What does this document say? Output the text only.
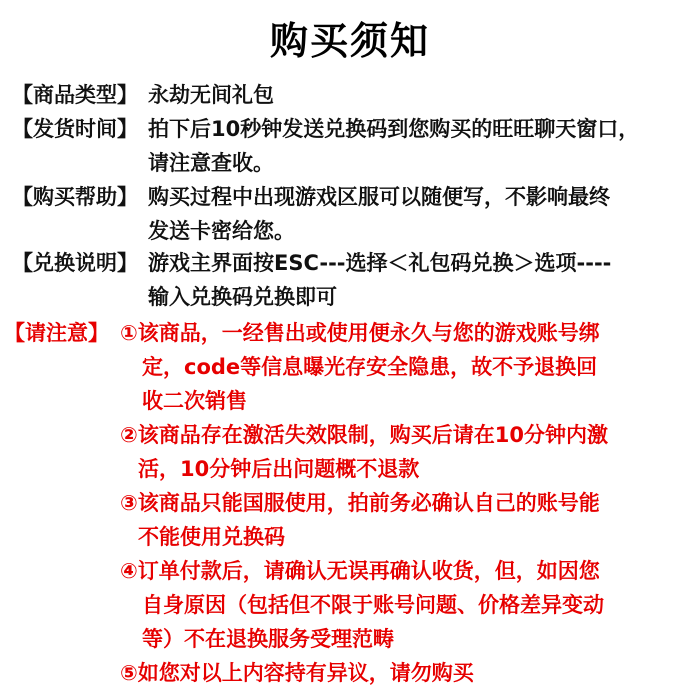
购买须知
【商品类型】 永劫无间礼包
【发货时间】 拍下后10秒钟发送兑换码到您购买的旺旺聊天窗口，
请注意查收。
【购买帮助】 购买过程中出现游戏区服可以随便写，不影响最终
发送卡密给您。
【兑换说明】 游戏主界面按ESC---选择＜礼包码兑换＞选项----
输入兑换码兑换即可
【请注意】 ①该商品，一经售出或使用便永久与您的游戏账号绑
定，code等信息曝光存安全隐患，故不予退换回
收二次销售
②该商品存在激活失效限制，购买后请在10分钟内激
活，10分钟后出问题概不退款
③该商品只能国服使用，拍前务必确认自己的账号能
不能使用兑换码
④订单付款后，请确认无误再确认收货，但，如因您
自身原因（包括但不限于账号问题、价格差异变动
等）不在退换服务受理范畴
⑤如您对以上内容持有异议，请勿购买
